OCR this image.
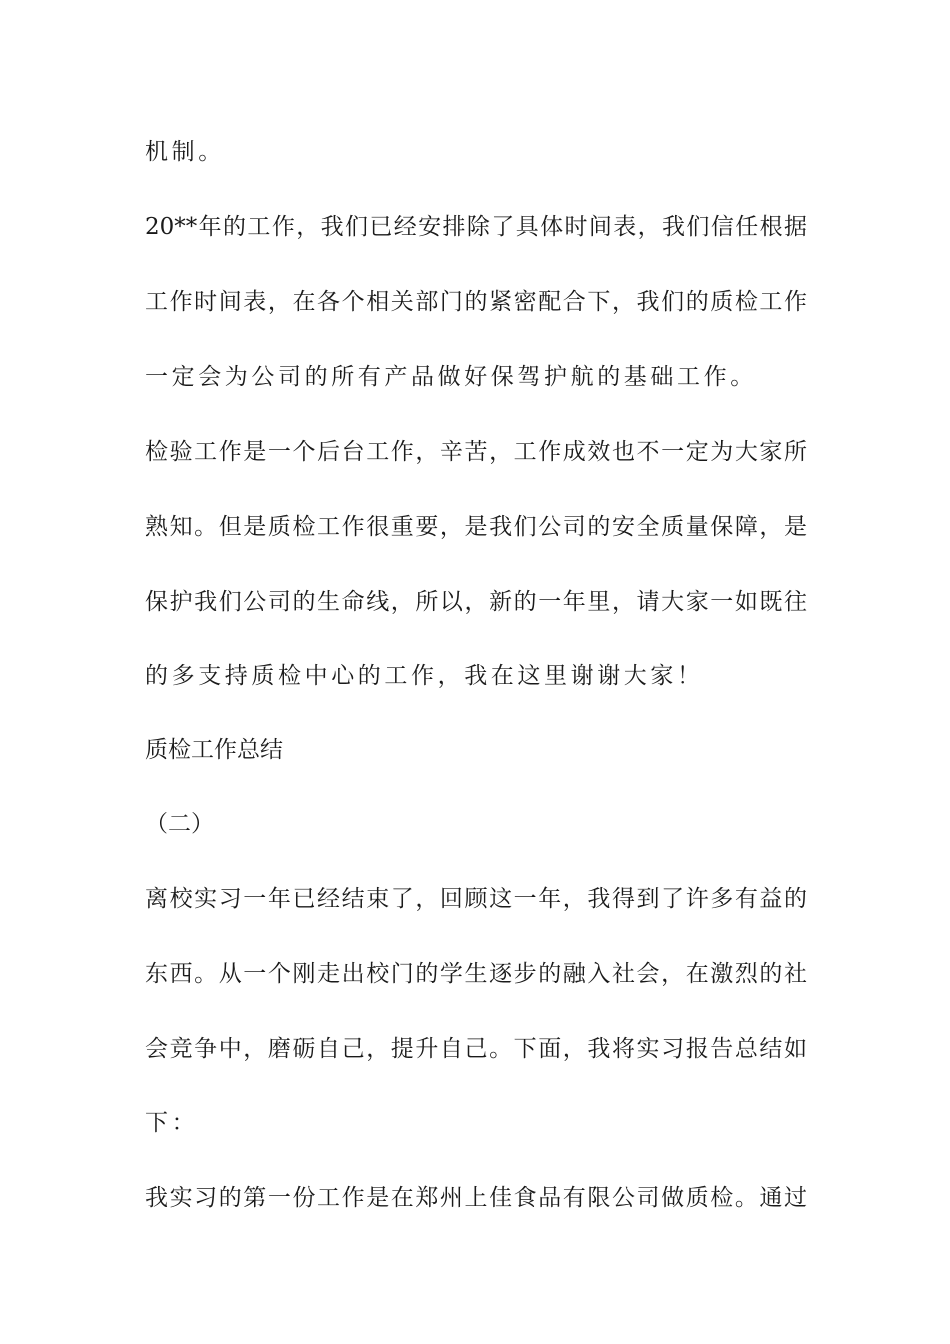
机制。
20**年的工作，我们已经安排除了具体时间表，我们信任根据
工作时间表，在各个相关部门的紧密配合下，我们的质检工作
一定会为公司的所有产品做好保驾护航的基础工作。
检验工作是一个后台工作，辛苦，工作成效也不一定为大家所
熟知。但是质检工作很重要，是我们公司的安全质量保障，是
保护我们公司的生命线，所以，新的一年里，请大家一如既往
的多支持质检中心的工作，我在这里谢谢大家！
质检工作总结
（二）
离校实习一年已经结束了，回顾这一年，我得到了许多有益的
东西。从一个刚走出校门的学生逐步的融入社会，在激烈的社
会竞争中，磨砺自己，提升自己。下面，我将实习报告总结如
下：
我实习的第一份工作是在郑州上佳食品有限公司做质检。通过
